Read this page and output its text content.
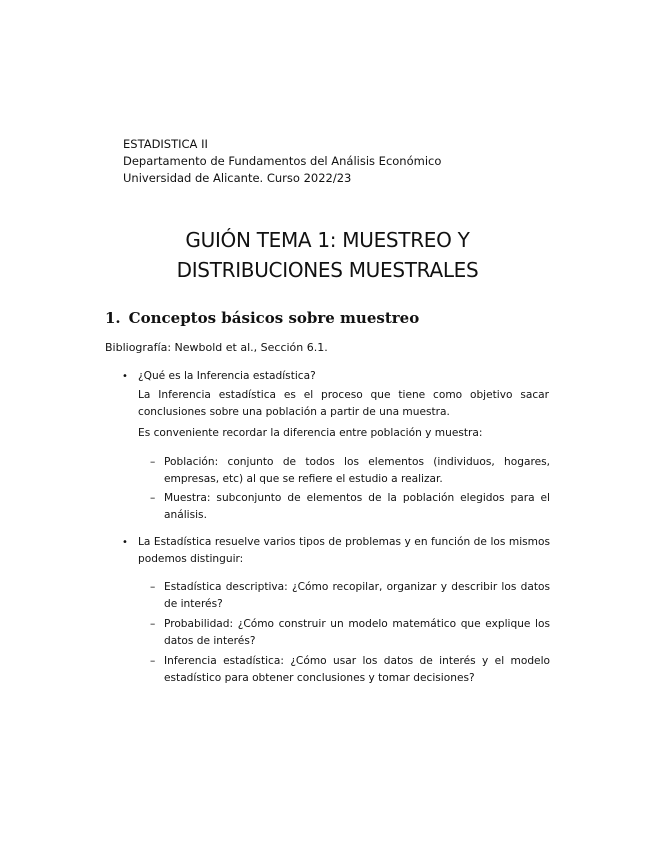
ESTADISTICA II
Departamento de Fundamentos del Análisis Económico
Universidad de Alicante. Curso 2022/23
GUIÓN TEMA 1: MUESTREO Y
DISTRIBUCIONES MUESTRALES
1. Conceptos básicos sobre muestreo
Bibliografía: Newbold et al., Sección 6.1.
• ¿Qué es la Inferencia estadística?
La Inferencia estadística es el proceso que tiene como objetivo sacar conclusiones sobre una población a partir de una muestra.
Es conveniente recordar la diferencia entre población y muestra:
– Población: conjunto de todos los elementos (individuos, hogares, empresas, etc) al que se refiere el estudio a realizar.
– Muestra: subconjunto de elementos de la población elegidos para el análisis.
• La Estadística resuelve varios tipos de problemas y en función de los mismos podemos distinguir:
– Estadística descriptiva: ¿Cómo recopilar, organizar y describir los datos de interés?
– Probabilidad: ¿Cómo construir un modelo matemático que explique los datos de interés?
– Inferencia estadística: ¿Cómo usar los datos de interés y el modelo estadístico para obtener conclusiones y tomar decisiones?
